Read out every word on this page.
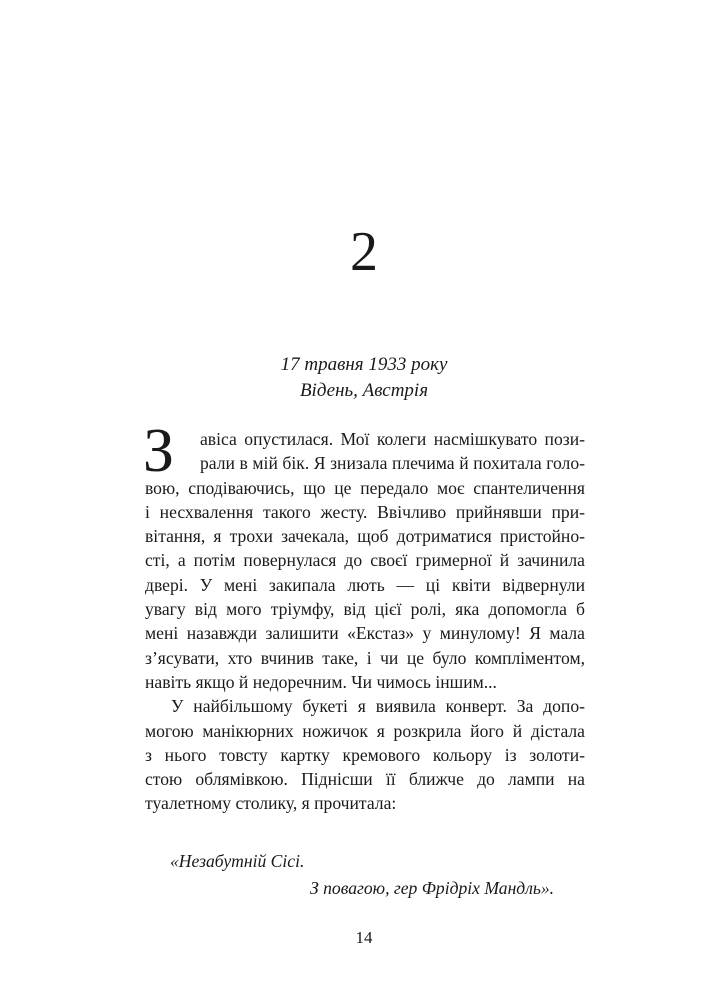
2
17 травня 1933 року
Відень, Австрія
З	авіса опустилася. Мої колеги насмішкувато пози-
рали в мій бік. Я знизала плечима й похитала голо-
вою, сподіваючись, що це передало моє спантеличення
і несхвалення такого жесту. Ввічливо прийнявши при-
вітання, я трохи зачекала, щоб дотриматися пристойно-
сті, а потім повернулася до своєї гримерної й зачинила
двері. У мені закипала лють — ці квіти відвернули
увагу від мого тріумфу, від цієї ролі, яка допомогла б
мені назавжди залишити «Екстаз» у минулому! Я мала
з’ясувати, хто вчинив таке, і чи це було компліментом,
навіть якщо й недоречним. Чи чимось іншим...
У найбільшому букеті я виявила конверт. За допо-
могою манікюрних ножичок я розкрила його й дістала
з нього товсту картку кремового кольору із золоти-
стою облямівкою. Піднісши її ближче до лампи на
туалетному столику, я прочитала:
«Незабутній Сісі.
З повагою, гер Фрідріх Мандль».
14
